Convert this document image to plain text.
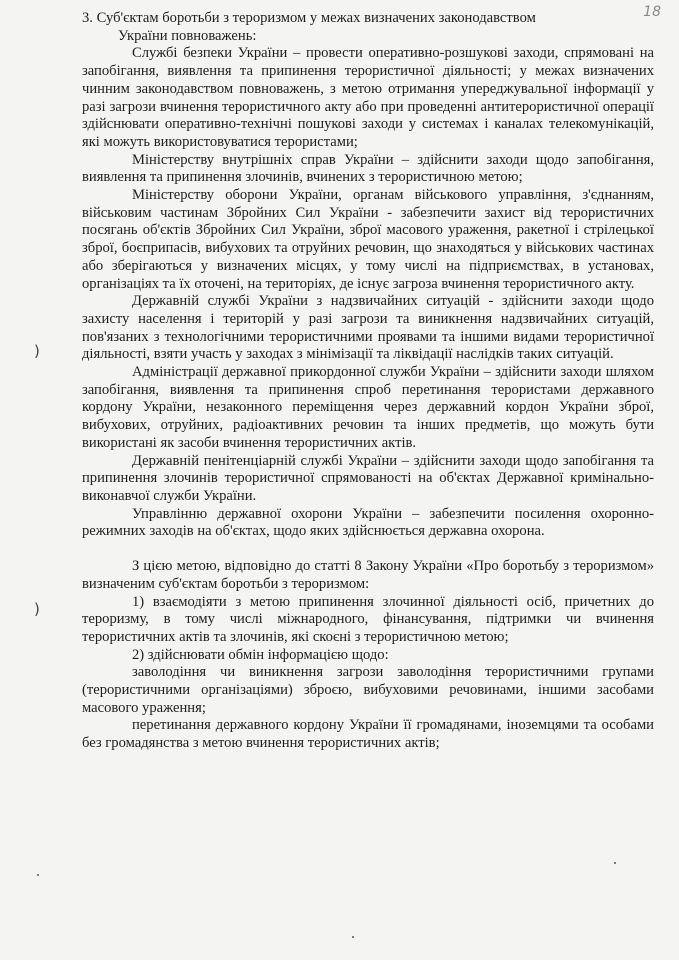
18
)
)

3. Суб'єктам боротьби з тероризмом у межах визначених законодавством
України повноважень:

Службі безпеки України – провести оперативно-розшукові заходи, спрямовані на запобігання, виявлення та припинення терористичної діяльності; у межах визначених чинним законодавством повноважень, з метою отримання упереджувальної інформації у разі загрози вчинення терористичного акту або при проведенні антитерористичної операції здійснювати оперативно-технічні пошукові заходи у системах і каналах телекомунікацій, які можуть використовуватися терористами;

Міністерству внутрішніх справ України – здійснити заходи щодо запобігання, виявлення та припинення злочинів, вчинених з терористичною метою;

Міністерству оборони України, органам військового управління, з'єднанням, військовим частинам Збройних Сил України - забезпечити захист від терористичних посягань об'єктів Збройних Сил України, зброї масового ураження, ракетної і стрілецької зброї, боєприпасів, вибухових та отруйних речовин, що знаходяться у військових частинах або зберігаються у визначених місцях, у тому числі на підприємствах, в установах, організаціях та їх оточені, на територіях, де існує загроза вчинення терористичного акту.

Державній службі України з надзвичайних ситуацій - здійснити заходи щодо захисту населення і територій у разі загрози та виникнення надзвичайних ситуацій, пов'язаних з технологічними терористичними проявами та іншими видами терористичної діяльності, взяти участь у заходах з мінімізації та ліквідації наслідків таких ситуацій.

Адміністрації державної прикордонної служби України – здійснити заходи шляхом запобігання, виявлення та припинення спроб перетинання терористами державного кордону України, незаконного переміщення через державний кордон України зброї, вибухових, отруйних, радіоактивних речовин та інших предметів, що можуть бути використані як засоби вчинення терористичних актів.

Державній пенітенціарній службі України – здійснити заходи щодо запобігання та припинення злочинів терористичної спрямованості на об'єктах Державної кримінально-виконавчої служби України.

Управлінню державної охорони України – забезпечити посилення охоронно-режимних заходів на об'єктах, щодо яких здійснюється державна охорона.

З цією метою, відповідно до статті 8 Закону України «Про боротьбу з тероризмом» визначеним суб'єктам боротьби з тероризмом:

1) взаємодіяти з метою припинення злочинної діяльності осіб, причетних до тероризму, в тому числі міжнародного, фінансування, підтримки чи вчинення терористичних актів та злочинів, які скоєні з терористичною метою;

2) здійснювати обмін інформацією щодо:

заволодіння чи виникнення загрози заволодіння терористичними групами (терористичними організаціями) зброєю, вибуховими речовинами, іншими засобами масового ураження;

перетинання державного кордону України її громадянами, іноземцями та особами без громадянства з метою вчинення терористичних актів;
